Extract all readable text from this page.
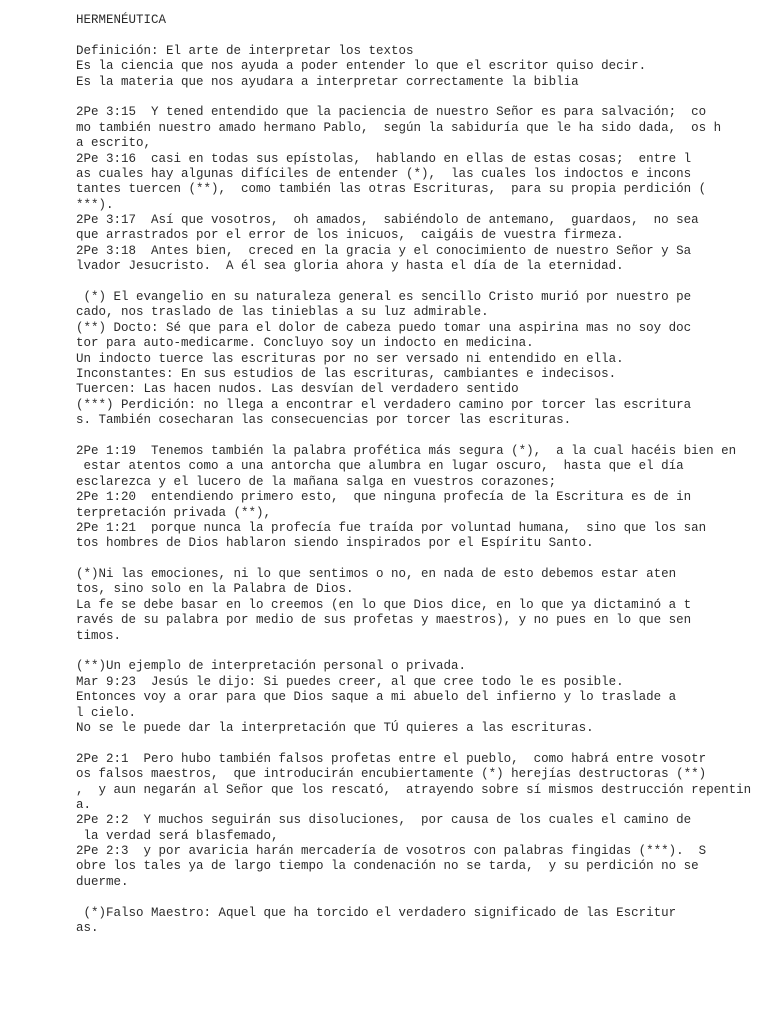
HERMENÉUTICA
Definición: El arte de interpretar los textos
Es la ciencia que nos ayuda a poder entender lo que el escritor quiso decir.
Es la materia que nos ayudara a interpretar correctamente la biblia
2Pe 3:15  Y tened entendido que la paciencia de nuestro Señor es para salvación;  co
mo también nuestro amado hermano Pablo,  según la sabiduría que le ha sido dada,  os h
a escrito,
2Pe 3:16  casi en todas sus epístolas,  hablando en ellas de estas cosas;  entre l
as cuales hay algunas difíciles de entender (*),  las cuales los indoctos e incons
tantes tuercen (**),  como también las otras Escrituras,  para su propia perdición (
***).
2Pe 3:17  Así que vosotros,  oh amados,  sabiéndolo de antemano,  guardaos,  no sea
que arrastrados por el error de los inicuos,  caigáis de vuestra firmeza.
2Pe 3:18  Antes bien,  creced en la gracia y el conocimiento de nuestro Señor y Sa
lvador Jesucristo.  A él sea gloria ahora y hasta el día de la eternidad.
(*) El evangelio en su naturaleza general es sencillo Cristo murió por nuestro pe
cado, nos traslado de las tinieblas a su luz admirable.
(**) Docto: Sé que para el dolor de cabeza puedo tomar una aspirina mas no soy doc
tor para auto-medicarme. Concluyo soy un indocto en medicina.
Un indocto tuerce las escrituras por no ser versado ni entendido en ella.
Inconstantes: En sus estudios de las escrituras, cambiantes e indecisos.
Tuercen: Las hacen nudos. Las desvían del verdadero sentido
(***) Perdición: no llega a encontrar el verdadero camino por torcer las escritura
s. También cosecharan las consecuencias por torcer las escrituras.
2Pe 1:19  Tenemos también la palabra profética más segura (*),  a la cual hacéis bien en
estar atentos como a una antorcha que alumbra en lugar oscuro,  hasta que el día
esclarezca y el lucero de la mañana salga en vuestros corazones;
2Pe 1:20  entendiendo primero esto,  que ninguna profecía de la Escritura es de in
terpretación privada (**),
2Pe 1:21  porque nunca la profecía fue traída por voluntad humana,  sino que los san
tos hombres de Dios hablaron siendo inspirados por el Espíritu Santo.
(*)Ni las emociones, ni lo que sentimos o no, en nada de esto debemos estar aten
tos, sino solo en la Palabra de Dios.
La fe se debe basar en lo creemos (en lo que Dios dice, en lo que ya dictaminó a t
ravés de su palabra por medio de sus profetas y maestros), y no pues en lo que sen
timos.
(**)Un ejemplo de interpretación personal o privada.
Mar 9:23  Jesús le dijo: Si puedes creer, al que cree todo le es posible.
Entonces voy a orar para que Dios saque a mi abuelo del infierno y lo traslade a
l cielo.
No se le puede dar la interpretación que TÚ quieres a las escrituras.
2Pe 2:1  Pero hubo también falsos profetas entre el pueblo,  como habrá entre vosotr
os falsos maestros,  que introducirán encubiertamente (*) herejías destructoras (**)
,  y aun negarán al Señor que los rescató,  atrayendo sobre sí mismos destrucción repentin
a.
2Pe 2:2  Y muchos seguirán sus disoluciones,  por causa de los cuales el camino de
la verdad será blasfemado,
2Pe 2:3  y por avaricia harán mercadería de vosotros con palabras fingidas (***).  S
obre los tales ya de largo tiempo la condenación no se tarda,  y su perdición no se
duerme.
(*)Falso Maestro: Aquel que ha torcido el verdadero significado de las Escritur
as.
